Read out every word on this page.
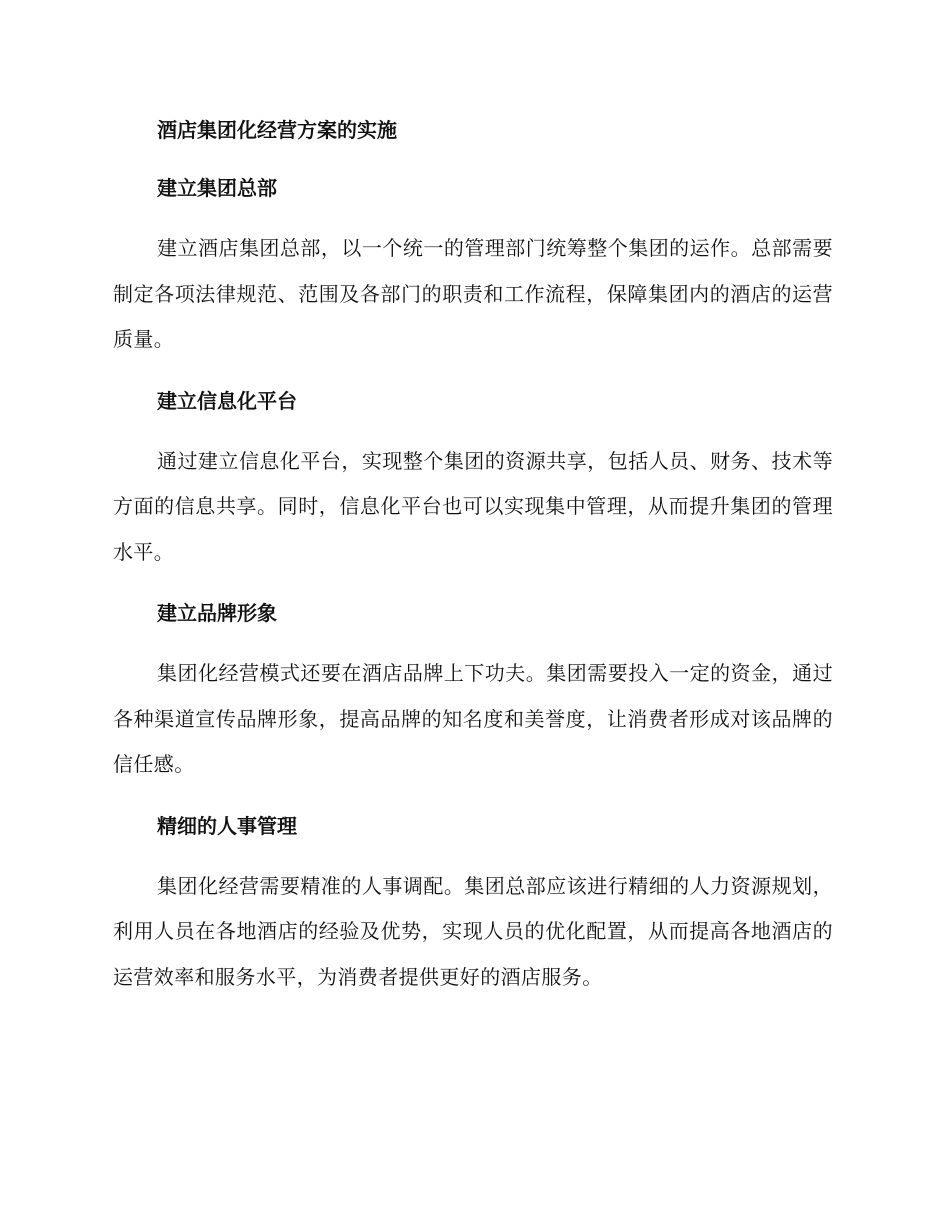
酒店集团化经营方案的实施
建立集团总部

建立酒店集团总部，以一个统一的管理部门统筹整个集团的运作。总部需要制定各项法律规范、范围及各部门的职责和工作流程，保障集团内的酒店的运营质量。

建立信息化平台

通过建立信息化平台，实现整个集团的资源共享，包括人员、财务、技术等方面的信息共享。同时，信息化平台也可以实现集中管理，从而提升集团的管理水平。

建立品牌形象

集团化经营模式还要在酒店品牌上下功夫。集团需要投入一定的资金，通过各种渠道宣传品牌形象，提高品牌的知名度和美誉度，让消费者形成对该品牌的信任感。

精细的人事管理

集团化经营需要精准的人事调配。集团总部应该进行精细的人力资源规划，利用人员在各地酒店的经验及优势，实现人员的优化配置，从而提高各地酒店的运营效率和服务水平，为消费者提供更好的酒店服务。
